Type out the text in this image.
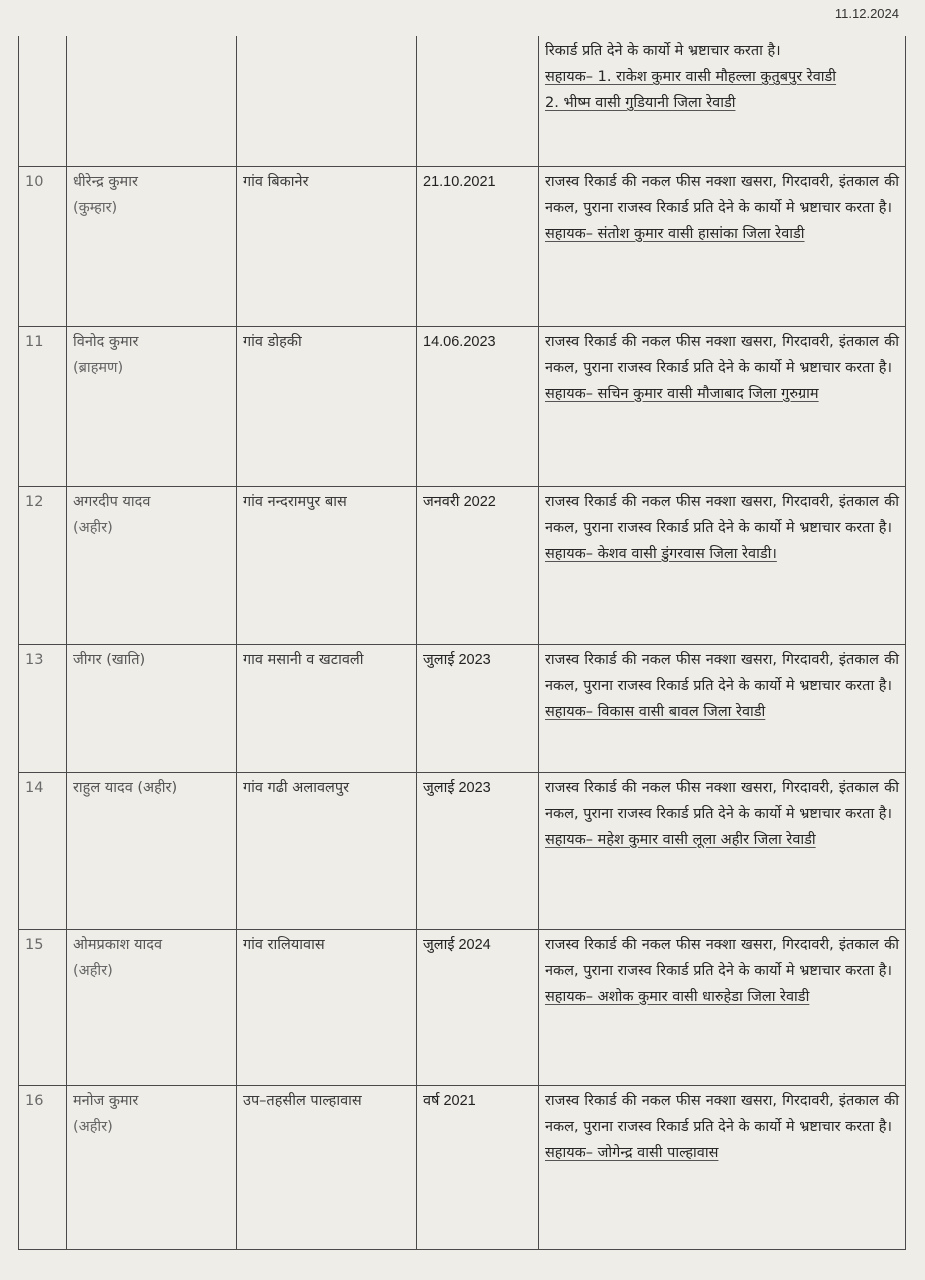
11.12.2024

				रिकार्ड प्रति देने के कार्यो मे भ्रष्टाचार करता है।
सहायक– 1. राकेश कुमार वासी मौहल्ला कुतुबपुर रेवाडी
2. भीष्म वासी गुडियानी जिला रेवाडी

10	धीरेन्द्र कुमार
(कुम्हार)	गांव बिकानेर	21.10.2021	राजस्व रिकार्ड की नकल फीस नक्शा खसरा, गिरदावरी, इंतकाल की नकल, पुराना राजस्व रिकार्ड प्रति देने के कार्यो मे भ्रष्टाचार करता है।
सहायक– संतोश कुमार वासी हासांका जिला रेवाडी

11	विनोद कुमार
(ब्राहमण)	गांव डोहकी	14.06.2023	राजस्व रिकार्ड की नकल फीस नक्शा खसरा, गिरदावरी, इंतकाल की नकल, पुराना राजस्व रिकार्ड प्रति देने के कार्यो मे भ्रष्टाचार करता है।
सहायक– सचिन कुमार वासी मौजाबाद जिला गुरुग्राम

12	अगरदीप यादव
(अहीर)	गांव नन्दरामपुर बास	जनवरी 2022	राजस्व रिकार्ड की नकल फीस नक्शा खसरा, गिरदावरी, इंतकाल की नकल, पुराना राजस्व रिकार्ड प्रति देने के कार्यो मे भ्रष्टाचार करता है।
सहायक– केशव वासी डुंगरवास जिला रेवाडी।

13	जीगर (खाति)	गाव मसानी व खटावली	जुलाई 2023	राजस्व रिकार्ड की नकल फीस नक्शा खसरा, गिरदावरी, इंतकाल की नकल, पुराना राजस्व रिकार्ड प्रति देने के कार्यो मे भ्रष्टाचार करता है।
सहायक– विकास वासी बावल जिला रेवाडी

14	राहुल यादव (अहीर)	गांव गढी अलावलपुर	जुलाई 2023	राजस्व रिकार्ड की नकल फीस नक्शा खसरा, गिरदावरी, इंतकाल की नकल, पुराना राजस्व रिकार्ड प्रति देने के कार्यो मे भ्रष्टाचार करता है।
सहायक– महेश कुमार वासी लूला अहीर जिला रेवाडी

15	ओमप्रकाश यादव
(अहीर)	गांव रालियावास	जुलाई 2024	राजस्व रिकार्ड की नकल फीस नक्शा खसरा, गिरदावरी, इंतकाल की नकल, पुराना राजस्व रिकार्ड प्रति देने के कार्यो मे भ्रष्टाचार करता है।
सहायक– अशोक कुमार वासी धारुहेडा जिला रेवाडी

16	मनोज कुमार
(अहीर)	उप–तहसील पाल्हावास	वर्ष 2021	राजस्व रिकार्ड की नकल फीस नक्शा खसरा, गिरदावरी, इंतकाल की नकल, पुराना राजस्व रिकार्ड प्रति देने के कार्यो मे भ्रष्टाचार करता है।
सहायक– जोगेन्द्र वासी पाल्हावास
